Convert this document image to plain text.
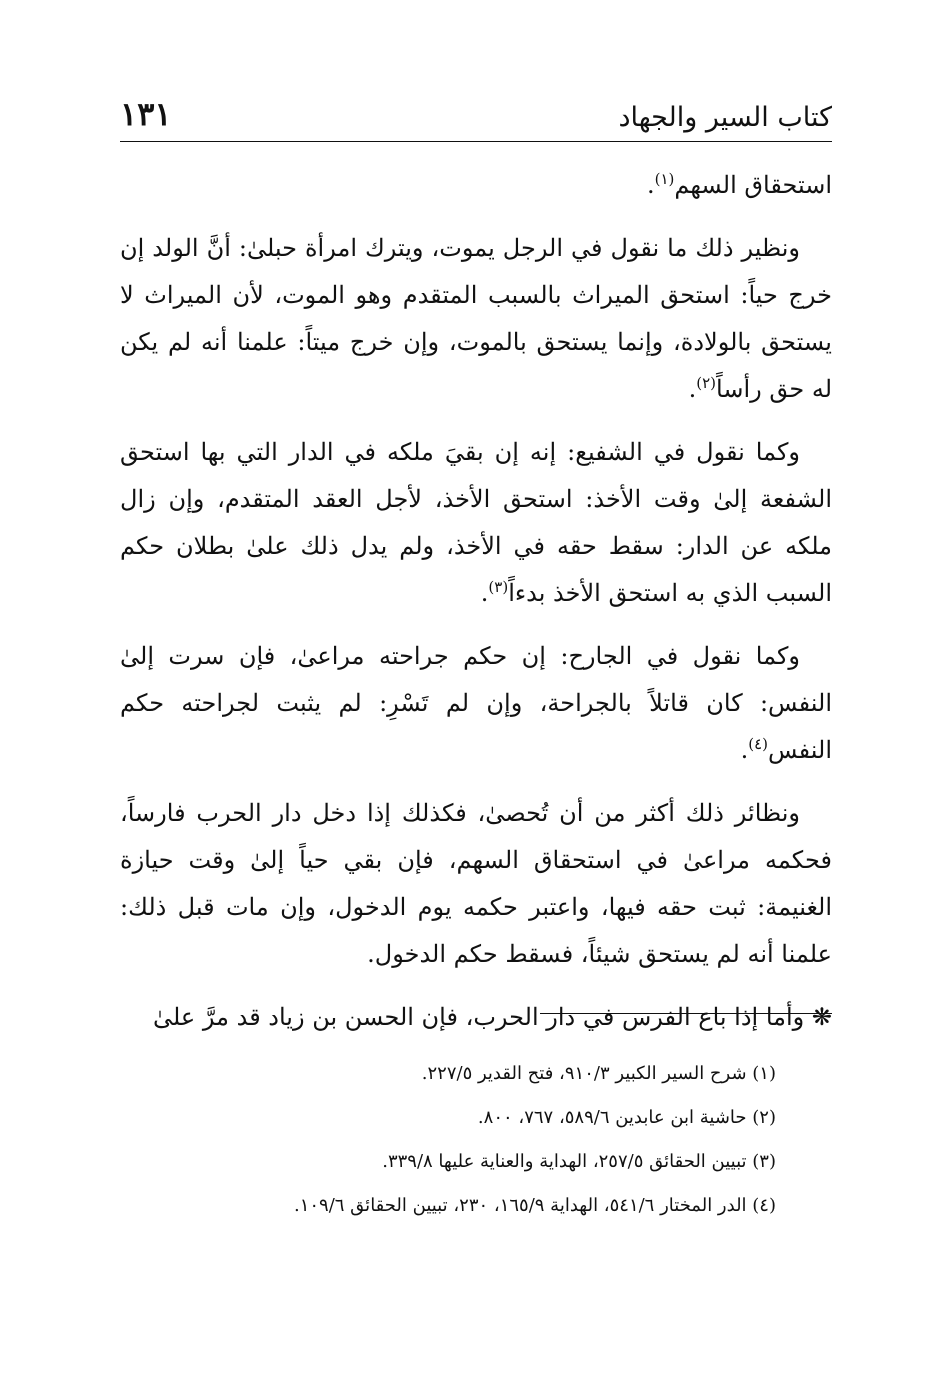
كتاب السير والجهاد
١٣١

استحقاق السهم$^{(١)}$.

ونظير ذلك ما نقول في الرجل يموت، ويترك امرأة حبلىٰ: أنَّ الولد إن خرج حياً: استحق الميراث بالسبب المتقدم وهو الموت، لأن الميراث لا يستحق بالولادة، وإنما يستحق بالموت، وإن خرج ميتاً: علمنا أنه لم يكن له حق رأساً$^{(٢)}$.

وكما نقول في الشفيع: إنه إن بقيَ ملكه في الدار التي بها استحق الشفعة إلىٰ وقت الأخذ: استحق الأخذ، لأجل العقد المتقدم، وإن زال ملكه عن الدار: سقط حقه في الأخذ، ولم يدل ذلك علىٰ بطلان حكم السبب الذي به استحق الأخذ بدءاً$^{(٣)}$.

وكما نقول في الجارح: إن حكم جراحته مراعىٰ، فإن سرت إلىٰ النفس: كان قاتلاً بالجراحة، وإن لم تَسْرِ: لم يثبت لجراحته حكم النفس$^{(٤)}$.

ونظائر ذلك أكثر من أن تُحصىٰ، فكذلك إذا دخل دار الحرب فارساً، فحكمه مراعىٰ في استحقاق السهم، فإن بقي حياً إلىٰ وقت حيازة الغنيمة: ثبت حقه فيها، واعتبر حكمه يوم الدخول، وإن مات قبل ذلك: علمنا أنه لم يستحق شيئاً، فسقط حكم الدخول.

❋ وأما إذا باع الفرس في دار الحرب، فإن الحسن بن زياد قد مرَّ علىٰ

(١) شرح السير الكبير ٩١٠/٣، فتح القدير ٢٢٧/٥.

(٢) حاشية ابن عابدين ٥٨٩/٦، ٧٦٧، ٨٠٠.

(٣) تبيين الحقائق ٢٥٧/٥، الهداية والعناية عليها ٣٣٩/٨.

(٤) الدر المختار ٥٤١/٦، الهداية ١٦٥/٩، ٢٣٠، تبيين الحقائق ١٠٩/٦.
